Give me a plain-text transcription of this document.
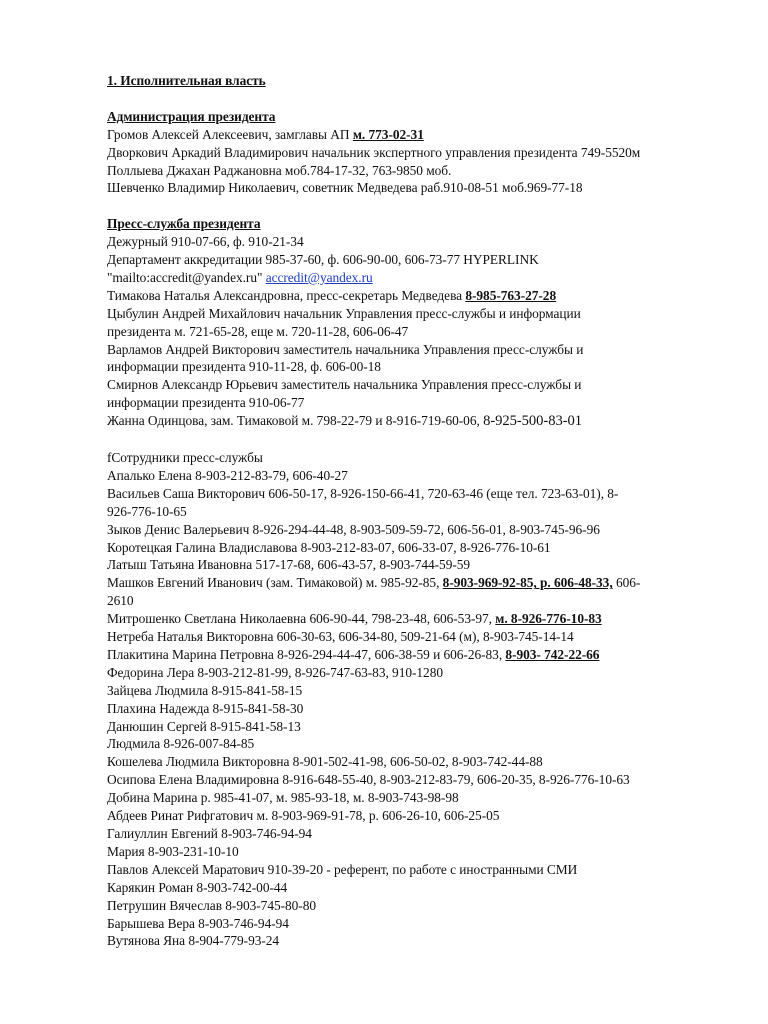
1. Исполнительная власть
Администрация президента
Громов Алексей Алексеевич, замглавы АП м. 773-02-31
Дворкович Аркадий Владимирович начальник экспертного управления президента 749-5520м
Поллыева Джахан Раджановна моб.784-17-32, 763-9850 моб.
Шевченко Владимир Николаевич, советник Медведева раб.910-08-51 моб.969-77-18
Пресс-служба президента
Дежурный 910-07-66, ф. 910-21-34
Департамент аккредитации 985-37-60, ф. 606-90-00, 606-73-77 HYPERLINK
"mailto:accredit@yandex.ru" accredit@yandex.ru
Тимакова Наталья Александровна, пресс-секретарь Медведева 8-985-763-27-28
Цыбулин Андрей Михайлович начальник Управления пресс-службы и информации
президента м. 721-65-28, еще м. 720-11-28, 606-06-47
Варламов Андрей Викторович заместитель начальника Управления пресс-службы и
информации президента 910-11-28, ф. 606-00-18
Смирнов Александр Юрьевич заместитель начальника Управления пресс-службы и
информации президента 910-06-77
Жанна Одинцова, зам. Тимаковой м. 798-22-79 и 8-916-719-60-06, 8-925-500-83-01
fСотрудники пресс-службы
Апалько Елена 8-903-212-83-79, 606-40-27
Васильев Саша Викторович 606-50-17, 8-926-150-66-41, 720-63-46 (еще тел. 723-63-01), 8-
926-776-10-65
Зыков Денис Валерьевич 8-926-294-44-48, 8-903-509-59-72, 606-56-01, 8-903-745-96-96
Коротецкая Галина Владиславова 8-903-212-83-07, 606-33-07, 8-926-776-10-61
Латыш Татьяна Ивановна 517-17-68, 606-43-57, 8-903-744-59-59
Машков Евгений Иванович (зам. Тимаковой) м. 985-92-85, 8-903-969-92-85, р. 606-48-33, 606-
2610
Митрошенко Светлана Николаевна 606-90-44, 798-23-48, 606-53-97, м. 8-926-776-10-83
Нетреба Наталья Викторовна 606-30-63, 606-34-80, 509-21-64 (м), 8-903-745-14-14
Плакитина Марина Петровна 8-926-294-44-47, 606-38-59 и 606-26-83, 8-903- 742-22-66
Федорина Лера 8-903-212-81-99, 8-926-747-63-83, 910-1280
Зайцева Людмила 8-915-841-58-15
Плахина Надежда 8-915-841-58-30
Данюшин Сергей 8-915-841-58-13
Людмила 8-926-007-84-85
Кошелева Людмила Викторовна 8-901-502-41-98, 606-50-02, 8-903-742-44-88
Осипова Елена Владимировна 8-916-648-55-40, 8-903-212-83-79, 606-20-35, 8-926-776-10-63
Добина Марина р. 985-41-07, м. 985-93-18, м. 8-903-743-98-98
Абдеев Ринат Рифгатович м. 8-903-969-91-78, р. 606-26-10, 606-25-05
Галиуллин Евгений 8-903-746-94-94
Мария 8-903-231-10-10
Павлов Алексей Маратович 910-39-20 - референт, по работе с иностранными СМИ
Карякин Роман 8-903-742-00-44
Петрушин Вячеслав 8-903-745-80-80
Барышева Вера 8-903-746-94-94
Вутянова Яна 8-904-779-93-24
